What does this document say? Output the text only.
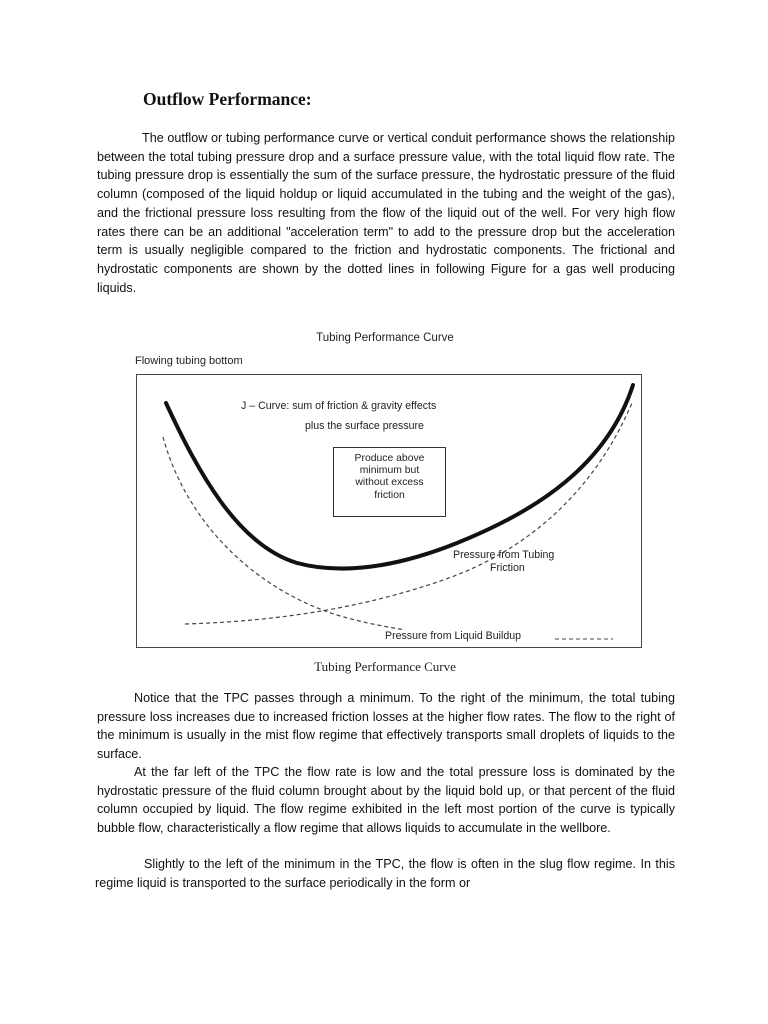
Outflow Performance:

The outflow or tubing performance curve or vertical conduit performance shows the relationship between the total tubing pressure drop and a surface pressure value, with the total liquid flow rate. The tubing pressure drop is essentially the sum of the surface pressure, the hydrostatic pressure of the fluid column (composed of the liquid holdup or liquid accumulated in the tubing and the weight of the gas), and the frictional pressure loss resulting from the flow of the liquid out of the well. For very high flow rates there can be an additional "acceleration term" to add to the pressure drop but the acceleration term is usually negligible compared to the friction and hydrostatic components. The frictional and hydrostatic components are shown by the dotted lines in following Figure for a gas well producing liquids.

Tubing Performance Curve
Flowing tubing bottom
J – Curve: sum of friction & gravity effects
plus the surface pressure
Produce above
minimum but
without excess
friction
Pressure from Tubing
Friction
Pressure from Liquid Buildup
Tubing Performance Curve

Notice that the TPC passes through a minimum. To the right of the minimum, the total tubing pressure loss increases due to increased friction losses at the higher flow rates. The flow to the right of the minimum is usually in the mist flow regime that effectively transports small droplets of liquids to the surface.

At the far left of the TPC the flow rate is low and the total pressure loss is dominated by the hydrostatic pressure of the fluid column brought about by the liquid bold up, or that percent of the fluid column occupied by liquid. The flow regime exhibited in the left most portion of the curve is typically bubble flow, characteristically a flow regime that allows liquids to accumulate in the wellbore.

Slightly to the left of the minimum in the TPC, the flow is often in the slug flow regime. In this regime liquid is transported to the surface periodically in the form or
